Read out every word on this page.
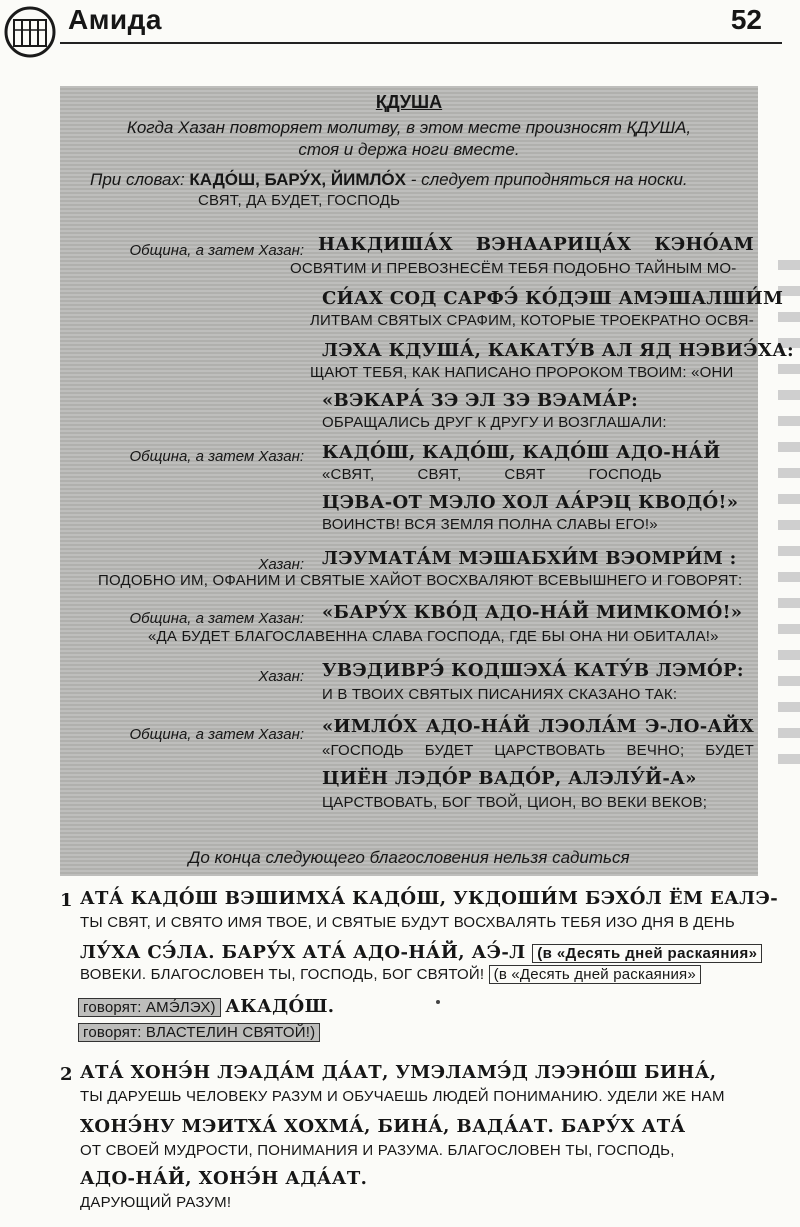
Амида	52
ҚДУША
Когда Хазан повторяет молитву, в этом месте произносят ҚДУША,
стоя и держа ноги вместе.
При словах: КАДО́Ш, БАРУ́Х, ЙИМЛО́Х - следует приподняться на носки.
СВЯТ, ДА БУДЕТ, ГОСПОДЬ
Община, а затем Хазан: НАКДИША́Х ВЭНААРИЦА́Х КЭНО́АМ
ОСВЯТИМ И ПРЕВОЗНЕСЁМ ТЕБЯ ПОДОБНО ТАЙНЫМ МО-
СИ́АХ СОД САРФЭ́ КО́ДЭШ АМЭШАЛШИ́М
ЛИТВАМ СВЯТЫХ СРАФИМ, КОТОРЫЕ ТРОЕКРАТНО ОСВЯ-
ЛЭХА КДУША́, КАКАТУ́В АЛ ЯД НЭВИЭ́ХА:
ЩАЮТ ТЕБЯ, КАК НАПИСАНО ПРОРОКОМ ТВОИМ: «ОНИ
«ВЭКАРА́ ЗЭ ЭЛ ЗЭ ВЭАМА́Р:
ОБРАЩАЛИСЬ ДРУГ К ДРУГУ И ВОЗГЛАШАЛИ:
Община, а затем Хазан: КАДО́Ш, КАДО́Ш, КАДО́Ш АДО-НА́Й
«СВЯТ,	СВЯТ,	СВЯТ	ГОСПОДЬ
ЦЭВА-ОТ МЭЛО ХОЛ АА́РЭЦ КВОДО́!»
ВОИНСТВ! ВСЯ ЗЕМЛЯ ПОЛНА СЛАВЫ ЕГО!»
Хазан: ЛЭУМАТА́М МЭШАБХИ́М ВЭОМРИ́М :
ПОДОБНО ИМ, ОФАНИМ И СВЯТЫЕ ХАЙОТ ВОСХВАЛЯЮТ ВСЕВЫШНЕГО И ГОВОРЯТ:
Община, а затем Хазан: «БАРУ́Х КВО́Д АДО-НА́Й МИМКОМО́!»
«ДА БУДЕТ БЛАГОСЛАВЕННА СЛАВА ГОСПОДА, ГДЕ БЫ ОНА НИ ОБИТАЛА!»
Хазан: УВЭДИВРЭ́ КОДШЭХА́ КАТУ́В ЛЭМО́Р:
И В ТВОИХ СВЯТЫХ ПИСАНИЯХ СКАЗАНО ТАК:
Община, а затем Хазан: «ИМЛО́Х АДО-НА́Й ЛЭОЛА́М Э-ЛО-АЙХ
«ГОСПОДЬ БУДЕТ ЦАРСТВОВАТЬ ВЕЧНО; БУДЕТ
ЦИЁН ЛЭДО́Р ВАДО́Р, АЛЭЛУ́Й-А»
ЦАРСТВОВАТЬ, БОГ ТВОЙ, ЦИОН, ВО ВЕКИ ВЕКОВ;
До конца следующего благословения нельзя садиться
1 АТА́ КАДО́Ш ВЭШИМХА́ КАДО́Ш, УКДОШИ́М БЭХО́Л ЁМ ЕАЛЭ-
ТЫ СВЯТ, И СВЯТО ИМЯ ТВОЕ, И СВЯТЫЕ БУДУТ ВОСХВАЛЯТЬ ТЕБЯ ИЗО ДНЯ В ДЕНЬ
ЛУ́ХА СЭ́ЛА. БАРУ́Х АТА́ АДО-НА́Й, АЭ́-Л (в «Десять дней раскаяния»
ВОВЕКИ. БЛАГОСЛОВЕН ТЫ, ГОСПОДЬ, БОГ СВЯТОЙ! (в «Десять дней раскаяния»
говорят: АМЭ́ЛЭХ) АКАДО́Ш.
говорят: ВЛАСТЕЛИН СВЯТОЙ!)
2 АТА́ ХОНЭ́Н ЛЭАДА́М ДА́АТ, УМЭЛАМЭ́Д ЛЭЭНО́Ш БИНА́,
ТЫ ДАРУЕШЬ ЧЕЛОВЕКУ РАЗУМ И ОБУЧАЕШЬ ЛЮДЕЙ ПОНИМАНИЮ. УДЕЛИ ЖЕ НАМ
ХОНЭ́НУ МЭИТХА́ ХОХМА́, БИНА́, ВАДА́АТ. БАРУ́Х АТА́
ОТ СВОЕЙ МУДРОСТИ, ПОНИМАНИЯ И РАЗУМА. БЛАГОСЛОВЕН ТЫ, ГОСПОДЬ,
АДО-НА́Й, ХОНЭ́Н АДА́АТ.
ДАРУЮЩИЙ РАЗУМ!
